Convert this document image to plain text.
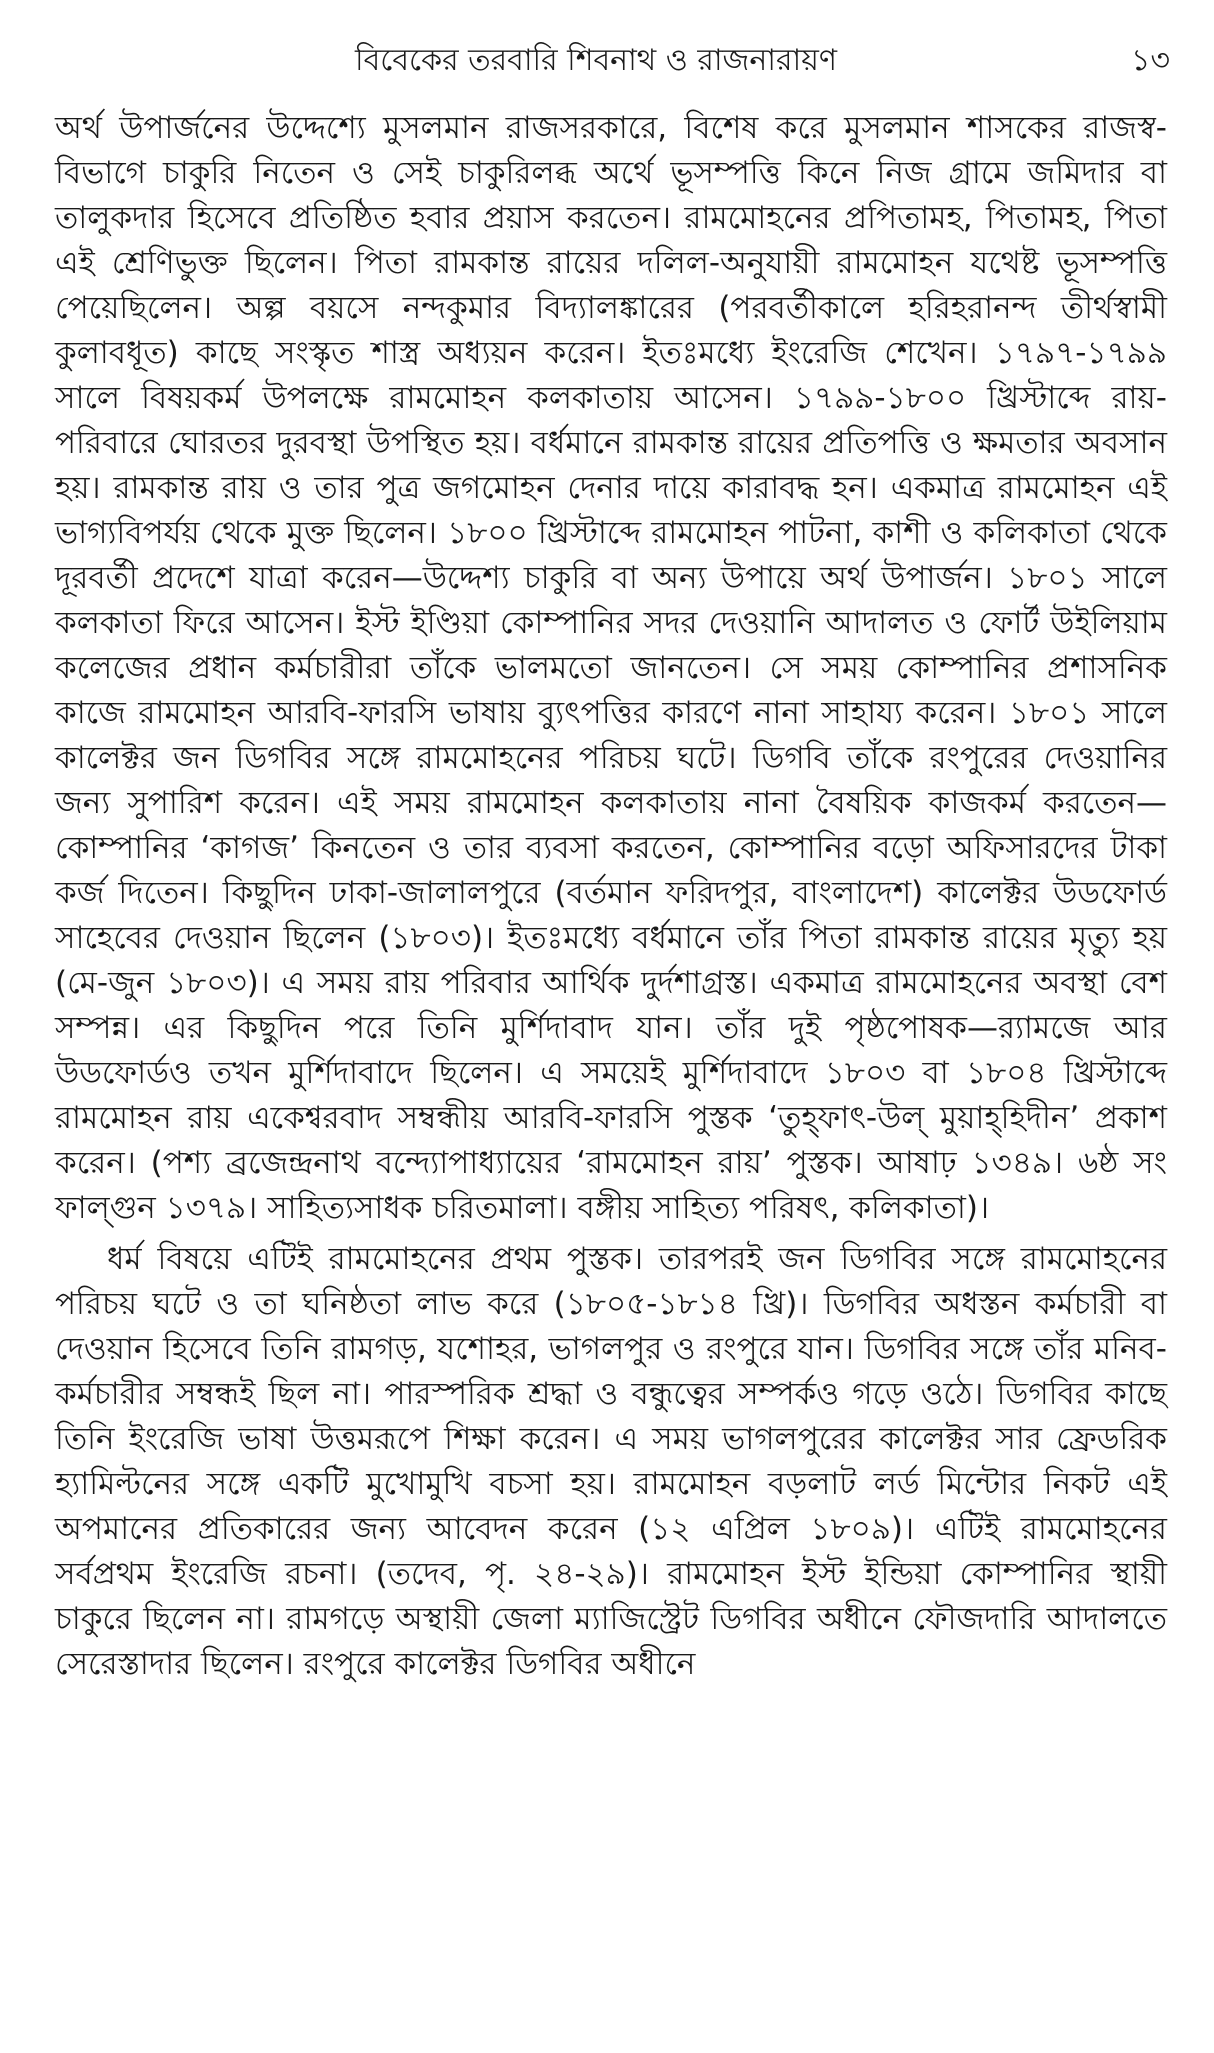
বিবেকের তরবারি শিবনাথ ও রাজনারায়ণ	১৩

অর্থ উপার্জনের উদ্দেশ্যে মুসলমান রাজসরকারে, বিশেষ করে মুসলমান শাসকের রাজস্ব-বিভাগে চাকুরি নিতেন ও সেই চাকুরিলব্ধ অর্থে ভূসম্পত্তি কিনে নিজ গ্রামে জমিদার বা তালুকদার হিসেবে প্রতিষ্ঠিত হবার প্রয়াস করতেন। রামমোহনের প্রপিতামহ, পিতামহ, পিতা এই শ্রেণিভুক্ত ছিলেন। পিতা রামকান্ত রায়ের দলিল-অনুযায়ী রামমোহন যথেষ্ট ভূসম্পত্তি পেয়েছিলেন। অল্প বয়সে নন্দকুমার বিদ্যালঙ্কারের (পরবর্তীকালে হরিহরানন্দ তীর্থস্বামী কুলাবধূত) কাছে সংস্কৃত শাস্ত্র অধ্যয়ন করেন। ইতঃমধ্যে ইংরেজি শেখেন। ১৭৯৭-১৭৯৯ সালে বিষয়কর্ম উপলক্ষে রামমোহন কলকাতায় আসেন। ১৭৯৯-১৮০০ খ্রিস্টাব্দে রায়-পরিবারে ঘোরতর দুরবস্থা উপস্থিত হয়। বর্ধমানে রামকান্ত রায়ের প্রতিপত্তি ও ক্ষমতার অবসান হয়। রামকান্ত রায় ও তার পুত্র জগমোহন দেনার দায়ে কারাবদ্ধ হন। একমাত্র রামমোহন এই ভাগ্যবিপর্যয় থেকে মুক্ত ছিলেন। ১৮০০ খ্রিস্টাব্দে রামমোহন পাটনা, কাশী ও কলিকাতা থেকে দূরবর্তী প্রদেশে যাত্রা করেন—উদ্দেশ্য চাকুরি বা অন্য উপায়ে অর্থ উপার্জন। ১৮০১ সালে কলকাতা ফিরে আসেন। ইস্ট ইণ্ডিয়া কোম্পানির সদর দেওয়ানি আদালত ও ফোর্ট উইলিয়াম কলেজের প্রধান কর্মচারীরা তাঁকে ভালমতো জানতেন। সে সময় কোম্পানির প্রশাসনিক কাজে রামমোহন আরবি-ফারসি ভাষায় ব্যুৎপত্তির কারণে নানা সাহায্য করেন। ১৮০১ সালে কালেক্টর জন ডিগবির সঙ্গে রামমোহনের পরিচয় ঘটে। ডিগবি তাঁকে রংপুরের দেওয়ানির জন্য সুপারিশ করেন। এই সময় রামমোহন কলকাতায় নানা বৈষয়িক কাজকর্ম করতেন—কোম্পানির ‘কাগজ’ কিনতেন ও তার ব্যবসা করতেন, কোম্পানির বড়ো অফিসারদের টাকা কর্জ দিতেন। কিছুদিন ঢাকা-জালালপুরে (বর্তমান ফরিদপুর, বাংলাদেশ) কালেক্টর উডফোর্ড সাহেবের দেওয়ান ছিলেন (১৮০৩)। ইতঃমধ্যে বর্ধমানে তাঁর পিতা রামকান্ত রায়ের মৃত্যু হয় (মে-জুন ১৮০৩)। এ সময় রায় পরিবার আর্থিক দুর্দশাগ্রস্ত। একমাত্র রামমোহনের অবস্থা বেশ সম্পন্ন। এর কিছুদিন পরে তিনি মুর্শিদাবাদ যান। তাঁর দুই পৃষ্ঠপোষক—র‍্যামজে আর উডফোর্ডও তখন মুর্শিদাবাদে ছিলেন। এ সময়েই মুর্শিদাবাদে ১৮০৩ বা ১৮০৪ খ্রিস্টাব্দে রামমোহন রায় একেশ্বরবাদ সম্বন্ধীয় আরবি-ফারসি পুস্তক ‘তুহ্‌ফাৎ-উল্‌ মুয়াহ্‌হিদীন’ প্রকাশ করেন। (পশ্য ব্রজেন্দ্রনাথ বন্দ্যোপাধ্যায়ের ‘রামমোহন রায়’ পুস্তক। আষাঢ় ১৩৪৯। ৬ষ্ঠ সং ফাল্গুন ১৩৭৯। সাহিত্যসাধক চরিতমালা। বঙ্গীয় সাহিত্য পরিষৎ, কলিকাতা)।

ধর্ম বিষয়ে এটিই রামমোহনের প্রথম পুস্তক। তারপরই জন ডিগবির সঙ্গে রামমোহনের পরিচয় ঘটে ও তা ঘনিষ্ঠতা লাভ করে (১৮০৫-১৮১৪ খ্রি)। ডিগবির অধস্তন কর্মচারী বা দেওয়ান হিসেবে তিনি রামগড়, যশোহর, ভাগলপুর ও রংপুরে যান। ডিগবির সঙ্গে তাঁর মনিব-কর্মচারীর সম্বন্ধই ছিল না। পারস্পরিক শ্রদ্ধা ও বন্ধুত্বের সম্পর্কও গড়ে ওঠে। ডিগবির কাছে তিনি ইংরেজি ভাষা উত্তমরূপে শিক্ষা করেন। এ সময় ভাগলপুরের কালেক্টর সার ফ্রেডরিক হ্যামিল্টনের সঙ্গে একটি মুখোমুখি বচসা হয়। রামমোহন বড়লাট লর্ড মিন্টোর নিকট এই অপমানের প্রতিকারের জন্য আবেদন করেন (১২ এপ্রিল ১৮০৯)। এটিই রামমোহনের সর্বপ্রথম ইংরেজি রচনা। (তদেব, পৃ. ২৪-২৯)। রামমোহন ইস্ট ইন্ডিয়া কোম্পানির স্থায়ী চাকুরে ছিলেন না। রামগড়ে অস্থায়ী জেলা ম্যাজিস্ট্রেট ডিগবির অধীনে ফৌজদারি আদালতে সেরেস্তাদার ছিলেন। রংপুরে কালেক্টর ডিগবির অধীনে
